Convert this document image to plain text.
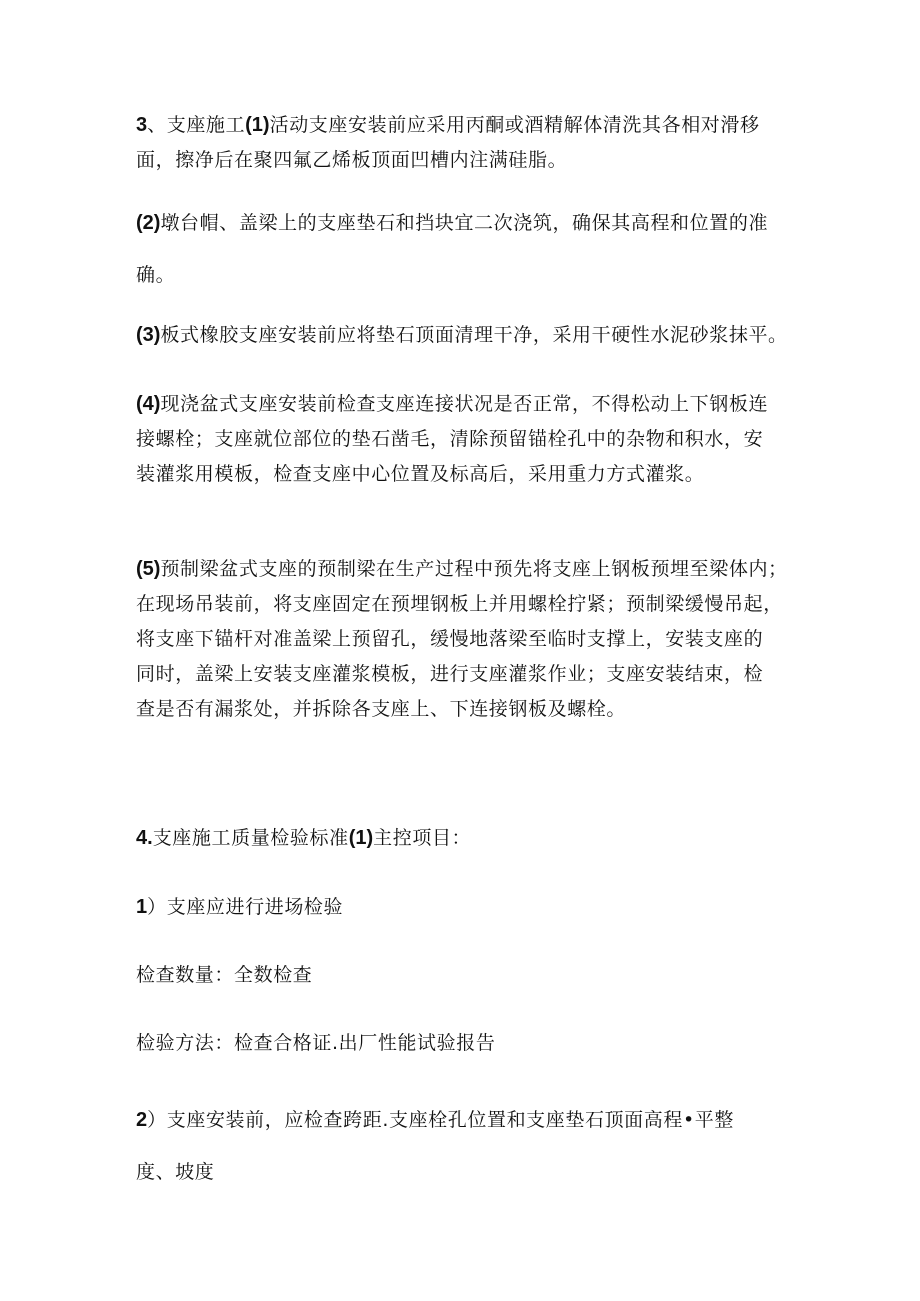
3、支座施工(1)活动支座安装前应采用丙酮或酒精解体清洗其各相对滑移
面，擦净后在聚四氟乙烯板顶面凹槽内注满硅脂。
(2)墩台帽、盖梁上的支座垫石和挡块宜二次浇筑，确保其高程和位置的准
确。
(3)板式橡胶支座安装前应将垫石顶面清理干净，采用干硬性水泥砂浆抹平。
(4)现浇盆式支座安装前检查支座连接状况是否正常，不得松动上下钢板连
接螺栓；支座就位部位的垫石凿毛，清除预留锚栓孔中的杂物和积水，安
装灌浆用模板，检查支座中心位置及标高后，采用重力方式灌浆。
(5)预制梁盆式支座的预制梁在生产过程中预先将支座上钢板预埋至梁体内；
在现场吊装前，将支座固定在预埋钢板上并用螺栓拧紧；预制梁缓慢吊起，
将支座下锚杆对准盖梁上预留孔，缓慢地落梁至临时支撑上，安装支座的
同时，盖梁上安装支座灌浆模板，进行支座灌浆作业；支座安装结束，检
查是否有漏浆处，并拆除各支座上、下连接钢板及螺栓。
4.支座施工质量检验标准(1)主控项目：
1）支座应进行进场检验
检查数量：全数检查
检验方法：检查合格证.出厂性能试验报告
2）支座安装前，应检查跨距.支座栓孔位置和支座垫石顶面高程•平整
度、坡度
